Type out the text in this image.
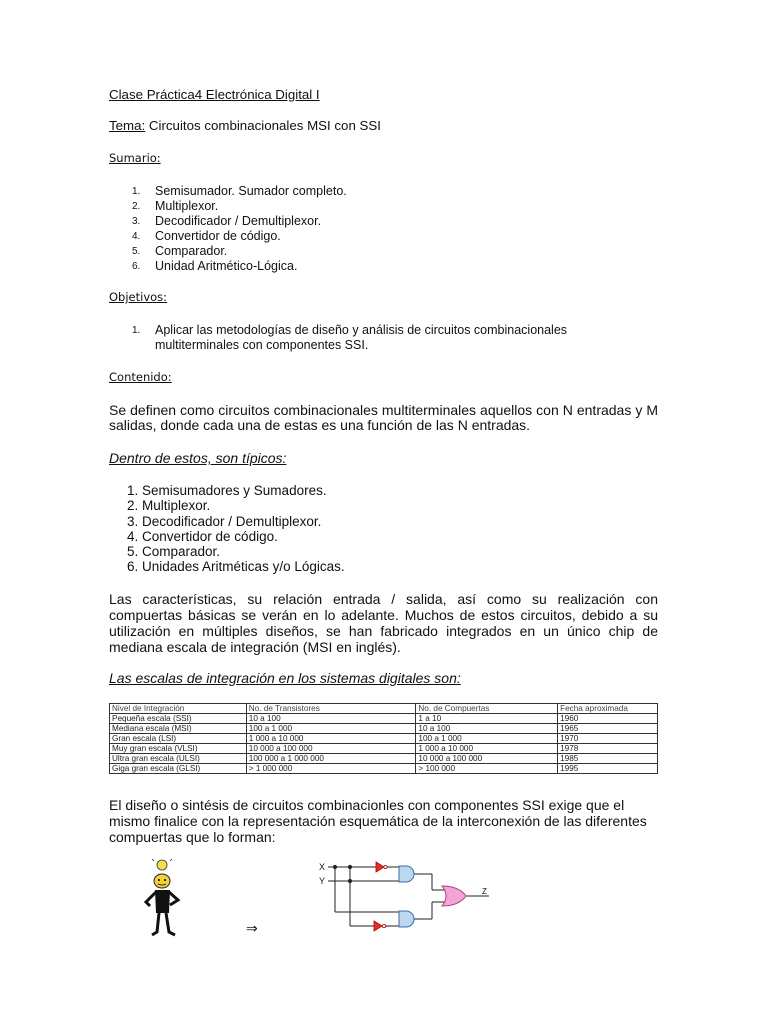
Clase Práctica4 Electrónica Digital I
Tema: Circuitos combinacionales MSI con SSI
Sumario:
1. Semisumador. Sumador completo.
2. Multiplexor.
3. Decodificador / Demultiplexor.
4. Convertidor de código.
5. Comparador.
6. Unidad Aritmético-Lógica.
Objetivos:
1. Aplicar las metodologías de diseño y análisis de circuitos combinacionales
multiterminales con componentes SSI.
Contenido:
Se definen como circuitos combinacionales multiterminales aquellos con N entradas y M salidas, donde cada una de estas es una función de las N entradas.
Dentro de estos, son típicos:
1. Semisumadores y Sumadores.
2. Multiplexor.
3. Decodificador / Demultiplexor.
4. Convertidor de código.
5. Comparador.
6. Unidades Aritméticas y/o Lógicas.
Las características, su relación entrada / salida, así como su realización con compuertas básicas se verán en lo adelante. Muchos de estos circuitos, debido a su utilización en múltiples diseños, se han fabricado integrados en un único chip de mediana escala de integración (MSI en inglés).
Las escalas de integración en los sistemas digitales son:
Nivel de Integración	No. de Transistores	No. de Compuertas	Fecha aproximada
Pequeña escala (SSI)	10 a 100	1 a 10	1960
Mediana escala (MSI)	100 a 1 000	10 a 100	1965
Gran escala (LSI)	1 000 a 10 000	100 a 1 000	1970
Muy gran escala (VLSI)	10 000 a 100 000	1 000 a 10 000	1978
Ultra gran escala (ULSI)	100 000 a 1 000 000	10 000 a 100 000	1985
Giga gran escala (GLSI)	> 1 000 000	> 100 000	1995
El diseño o sintésis de circuitos combinacionles con componentes SSI exige que el mismo finalice con la representación esquemática de la interconexión de las diferentes compuertas que lo forman:
⇒
X
Y
Z
